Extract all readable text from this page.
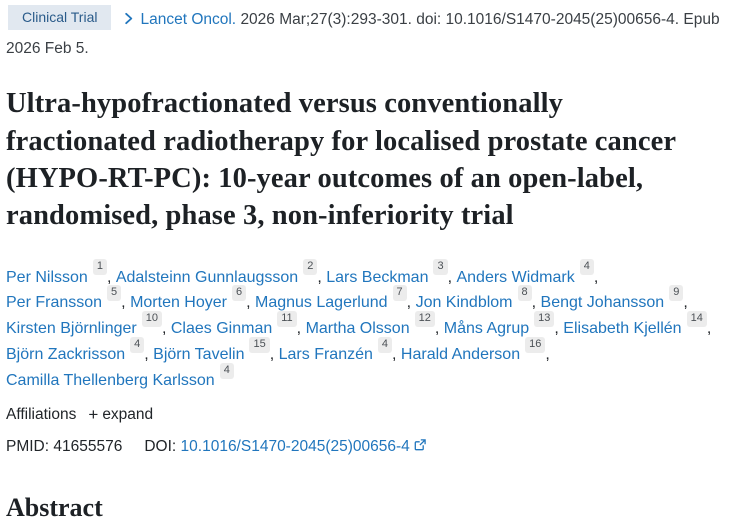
Clinical Trial	Lancet Oncol. 2026 Mar;27(3):293-301. doi: 10.1016/S1470-2045(25)00656-4. Epub 2026 Feb 5.

Ultra-hypofractionated versus conventionally fractionated radiotherapy for localised prostate cancer (HYPO-RT-PC): 10-year outcomes of an open-label, randomised, phase 3, non-inferiority trial

Per Nilsson$^1$, Adalsteinn Gunnlaugsson$^2$, Lars Beckman$^3$, Anders Widmark$^4$, Per Fransson$^5$, Morten Hoyer$^6$, Magnus Lagerlund$^7$, Jon Kindblom$^8$, Bengt Johansson$^9$, Kirsten Björnlinger$^{10}$, Claes Ginman$^{11}$, Martha Olsson$^{12}$, Måns Agrup$^{13}$, Elisabeth Kjellén$^{14}$, Björn Zackrisson$^4$, Björn Tavelin$^{15}$, Lars Franzén$^4$, Harald Anderson$^{16}$, Camilla Thellenberg Karlsson$^4$

Affiliations + expand
PMID: 41655576 DOI: 10.1016/S1470-2045(25)00656-4
Abstract
